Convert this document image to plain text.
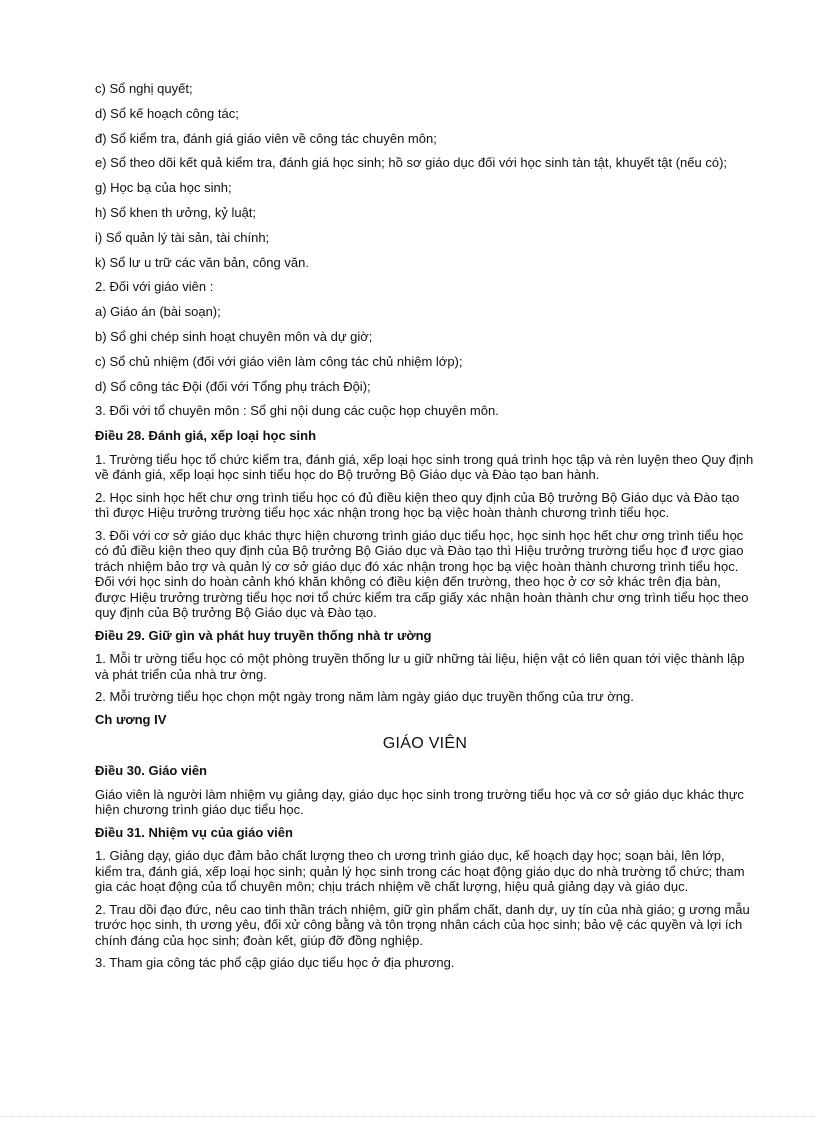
c) Sổ nghị quyết;
d) Sổ kế hoạch công tác;
đ) Sổ kiểm tra, đánh giá giáo viên về công tác chuyên môn;
e) Sổ theo dõi kết quả kiểm tra, đánh giá học sinh; hồ sơ giáo dục đối với học sinh tàn tật, khuyết tật (nếu có);
g) Học bạ của học sinh;
h) Sổ khen th ưởng, kỷ luật;
i) Sổ quản lý tài sản, tài chính;
k) Sổ lư u trữ các văn bản, công văn.
2. Đối với giáo viên :
a) Giáo án (bài soạn);
b) Sổ ghi chép sinh hoạt chuyên môn và dự giờ;
c) Sổ chủ nhiệm (đối với giáo viên làm công tác chủ nhiệm lớp);
d) Sổ công tác Đội (đối với Tổng phụ trách Đội);
3. Đối với tổ chuyên môn : Sổ ghi nội dung các cuộc họp chuyên môn.
Điều 28. Đánh giá, xếp loại học sinh
1. Trường tiểu học tổ chức kiểm tra, đánh giá, xếp loại học sinh trong quá trình học tập và rèn luyện theo Quy định về đánh giá, xếp loại học sinh tiểu học do Bộ trưởng Bộ Giáo dục và Đào tạo ban hành.
2. Học sinh học hết chư ơng trình tiểu học có đủ điều kiện theo quy định của Bộ trưởng Bộ Giáo dục và Đào tạo thì được Hiệu trưởng trường tiểu học xác nhận trong học bạ việc hoàn thành chương trình tiểu học.
3. Đối với cơ sở giáo dục khác thực hiện chương trình giáo dục tiểu học, học sinh học hết chư ơng trình tiểu học có đủ điều kiện theo quy định của Bộ trưởng Bộ Giáo dục và Đào tạo thì Hiệu trưởng trường tiểu học đ ược giao trách nhiệm bảo trợ và quản lý cơ sở giáo dục đó xác nhận trong học bạ việc hoàn thành chương trình tiểu học. Đối với học sinh do hoàn cảnh khó khăn không có điều kiện đến trường, theo học ở cơ sở khác trên địa bàn, được Hiệu trưởng trường tiểu học nơi tổ chức kiểm tra cấp giấy xác nhận hoàn thành chư ơng trình tiểu học theo quy định của Bộ trưởng Bộ Giáo dục và Đào tạo.
Điều 29. Giữ gìn và phát huy truyền thống nhà tr ường
1. Mỗi tr ường tiểu học có một phòng truyền thống lư u giữ những tài liệu, hiện vật có liên quan tới việc thành lập và phát triển của nhà trư ờng.
2. Mỗi trường tiểu học chọn một ngày trong năm làm ngày giáo dục truyền thống của trư ờng.
Ch ương IV
GIÁO VIÊN
Điều 30. Giáo viên
Giáo viên là người làm nhiệm vụ giảng dạy, giáo dục học sinh trong trường tiểu học và cơ sở giáo dục khác thực hiện chương trình giáo dục tiểu học.
Điều 31. Nhiệm vụ của giáo viên
1. Giảng dạy, giáo dục đảm bảo chất lượng theo ch ương trình giáo dục, kế hoạch dạy học; soạn bài, lên lớp, kiểm tra, đánh giá, xếp loại học sinh; quản lý học sinh trong các hoạt động giáo dục do nhà trường tổ chức; tham gia các hoạt động của tổ chuyên môn; chịu trách nhiệm về chất lượng, hiệu quả giảng dạy và giáo dục.
2. Trau dồi đạo đức, nêu cao tinh thần trách nhiệm, giữ gìn phẩm chất, danh dự, uy tín của nhà giáo; g ương mẫu trước học sinh, th ương yêu, đối xử công bằng và tôn trọng nhân cách của học sinh; bảo vệ các quyền và lợi ích chính đáng của học sinh; đoàn kết, giúp đỡ đồng nghiệp.
3. Tham gia công tác phổ cập giáo dục tiểu học ở địa phương.
